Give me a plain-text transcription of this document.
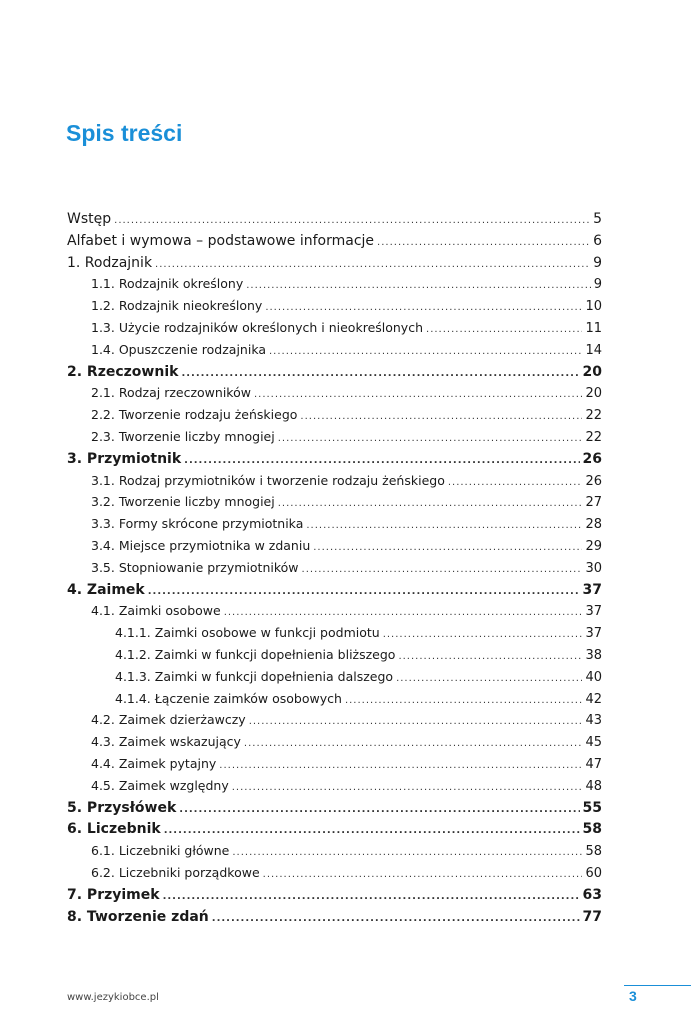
Spis treści
Wstęp .....	5
Alfabet i wymowa – podstawowe informacje .....	6
1. Rodzajnik .....	9
1.1. Rodzajnik określony .....	9
1.2. Rodzajnik nieokreślony .....	10
1.3. Użycie rodzajników określonych i nieokreślonych .....	11
1.4. Opuszczenie rodzajnika .....	14
2. Rzeczownik .....	20
2.1. Rodzaj rzeczowników .....	20
2.2. Tworzenie rodzaju żeńskiego .....	22
2.3. Tworzenie liczby mnogiej .....	22
3. Przymiotnik .....	26
3.1. Rodzaj przymiotników i tworzenie rodzaju żeńskiego .....	26
3.2. Tworzenie liczby mnogiej .....	27
3.3. Formy skrócone przymiotnika .....	28
3.4. Miejsce przymiotnika w zdaniu .....	29
3.5. Stopniowanie przymiotników .....	30
4. Zaimek .....	37
4.1. Zaimki osobowe .....	37
4.1.1. Zaimki osobowe w funkcji podmiotu .....	37
4.1.2. Zaimki w funkcji dopełnienia bliższego .....	38
4.1.3. Zaimki w funkcji dopełnienia dalszego .....	40
4.1.4. Łączenie zaimków osobowych .....	42
4.2. Zaimek dzierżawczy .....	43
4.3. Zaimek wskazujący .....	45
4.4. Zaimek pytajny .....	47
4.5. Zaimek względny .....	48
5. Przysłówek .....	55
6. Liczebnik .....	58
6.1. Liczebniki główne .....	58
6.2. Liczebniki porządkowe .....	60
7. Przyimek .....	63
8. Tworzenie zdań .....	77
www.jezykiobce.pl	3
